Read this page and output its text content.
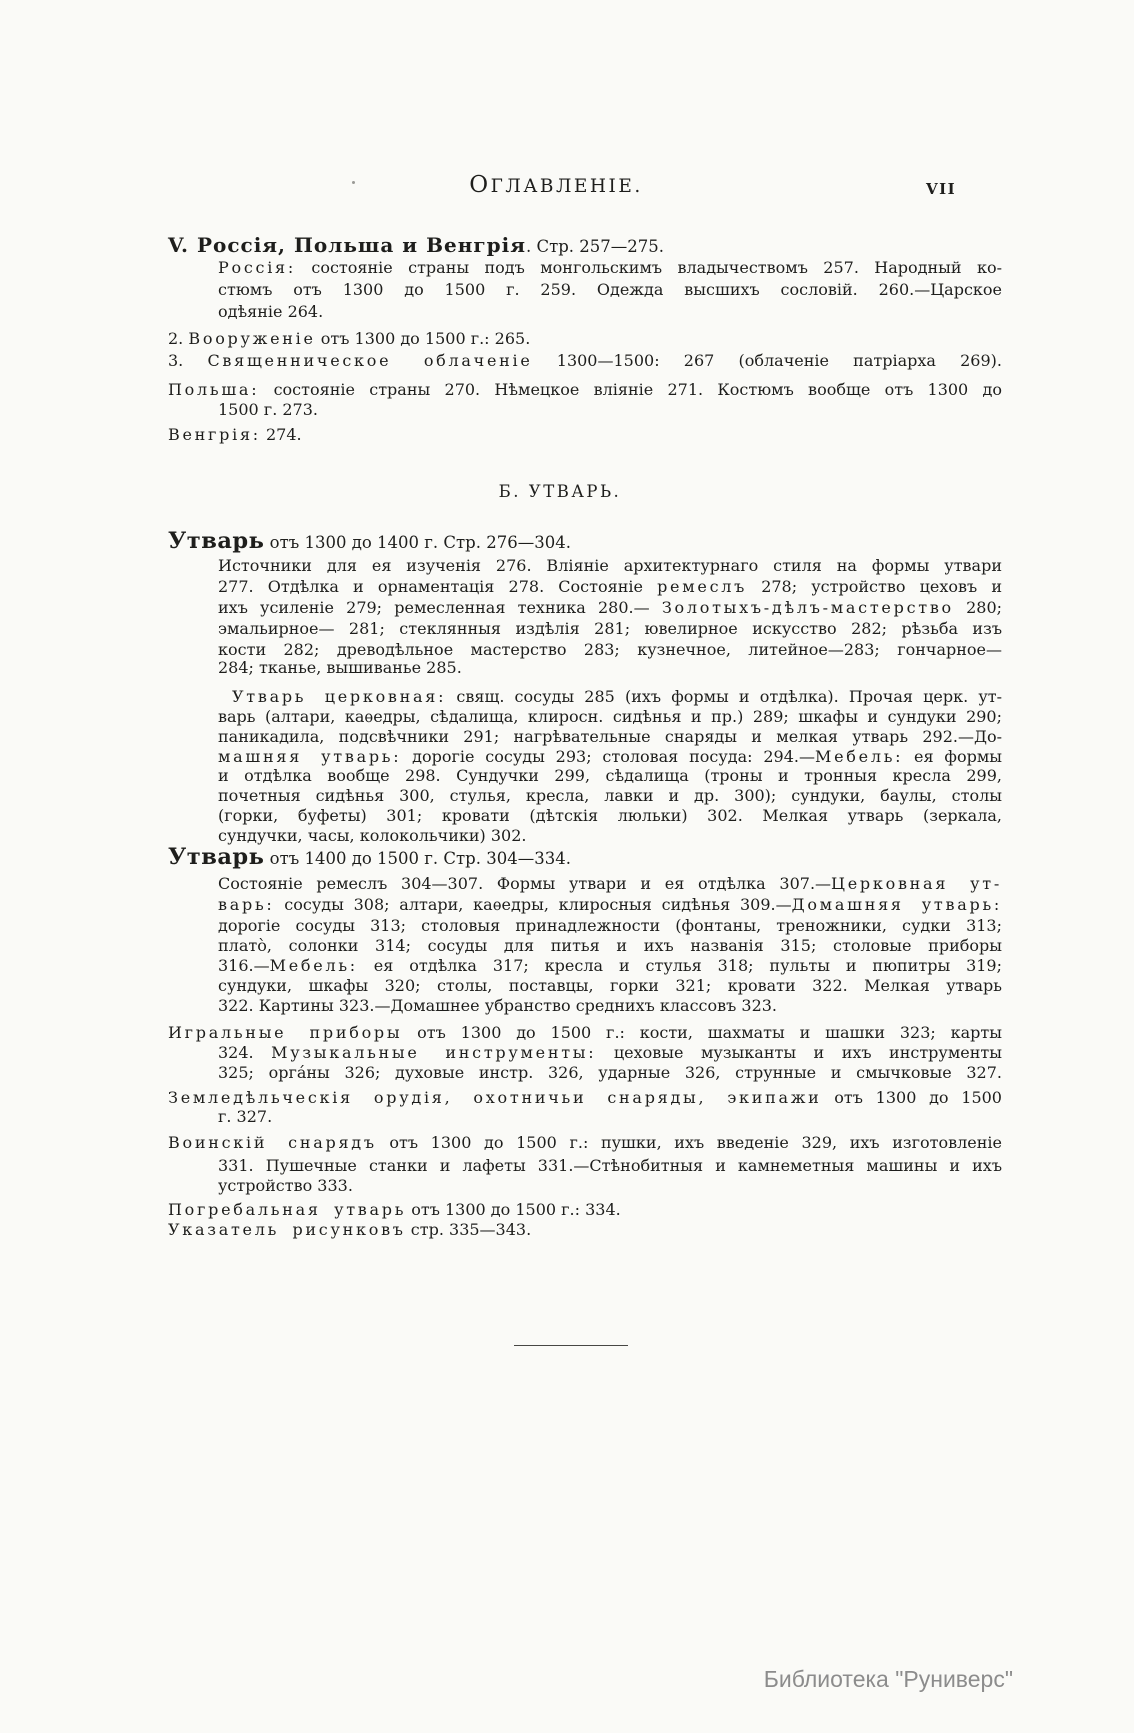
ОГЛАВЛЕНІЕ.	VII
V. Россія, Польша и Венгрія. Стр. 257—275.
Россія: состояніе страны подъ монгольскимъ владычествомъ 257. Народный ко-
стюмъ отъ 1300 до 1500 г. 259. Одежда высшихъ сословій. 260.—Царское
одѣяніе 264.
2. Вооруженіе отъ 1300 до 1500 г.: 265.
3. Священническое облаченіе 1300—1500: 267 (облаченіе патріарха 269).
Польша: состояніе страны 270. Нѣмецкое вліяніе 271. Костюмъ вообще отъ 1300 до
1500 г. 273.
Венгрія: 274.
Б. УТВАРЬ.
Утварь отъ 1300 до 1400 г. Стр. 276—304.
Источники для ея изученія 276. Вліяніе архитектурнаго стиля на формы утвари
277. Отдѣлка и орнаментація 278. Состояніе ремеслъ 278; устройство цеховъ и
ихъ усиленіе 279; ремесленная техника 280.— Золотыхъ-дѣлъ-мастерство 280;
эмальирное— 281; стеклянныя издѣлія 281; ювелирное искусство 282; рѣзьба изъ
кости 282; древодѣльное мастерство 283; кузнечное, литейное—283; гончарное—
284; тканье, вышиванье 285.
Утварь церковная: свящ. сосуды 285 (ихъ формы и отдѣлка). Прочая церк. ут-
варь (алтари, каѳедры, сѣдалища, клиросн. сидѣнья и пр.) 289; шкафы и сундуки 290;
паникадила, подсвѣчники 291; нагрѣвательные снаряды и мелкая утварь 292.—До-
машняя утварь: дорогіе сосуды 293; столовая посуда: 294.—Мебель: ея формы
и отдѣлка вообще 298. Сундучки 299, сѣдалища (троны и тронныя кресла 299,
почетныя сидѣнья 300, стулья, кресла, лавки и др. 300); сундуки, баулы, столы
(горки, буфеты) 301; кровати (дѣтскія люльки) 302. Мелкая утварь (зеркала,
сундучки, часы, колокольчики) 302.
Утварь отъ 1400 до 1500 г. Стр. 304—334.
Состояніе ремеслъ 304—307. Формы утвари и ея отдѣлка 307.—Церковная ут-
варь: сосуды 308; алтари, каѳедры, клиросныя сидѣнья 309.—Домашняя утварь:
дорогіе сосуды 313; столовыя принадлежности (фонтаны, треножники, судки 313;
платò, солонки 314; сосуды для питья и ихъ названія 315; столовые приборы
316.—Мебель: ея отдѣлка 317; кресла и стулья 318; пульты и пюпитры 319;
сундуки, шкафы 320; столы, поставцы, горки 321; кровати 322. Мелкая утварь
322. Картины 323.—Домашнее убранство среднихъ классовъ 323.
Игральные приборы отъ 1300 до 1500 г.: кости, шахматы и шашки 323; карты
324. Музыкальные инструменты: цеховые музыканты и ихъ инструменты
325; орга́ны 326; духовые инстр. 326, ударные 326, струнные и смычковые 327.
Земледѣльческія орудія, охотничьи снаряды, экипажи отъ 1300 до 1500
г. 327.
Воинскій снарядъ отъ 1300 до 1500 г.: пушки, ихъ введеніе 329, ихъ изготовленіе
331. Пушечные станки и лафеты 331.—Стѣнобитныя и камнеметныя машины и ихъ
устройство 333.
Погребальная утварь отъ 1300 до 1500 г.: 334.
Указатель рисунковъ стр. 335—343.
Библиотека "Руниверс"
